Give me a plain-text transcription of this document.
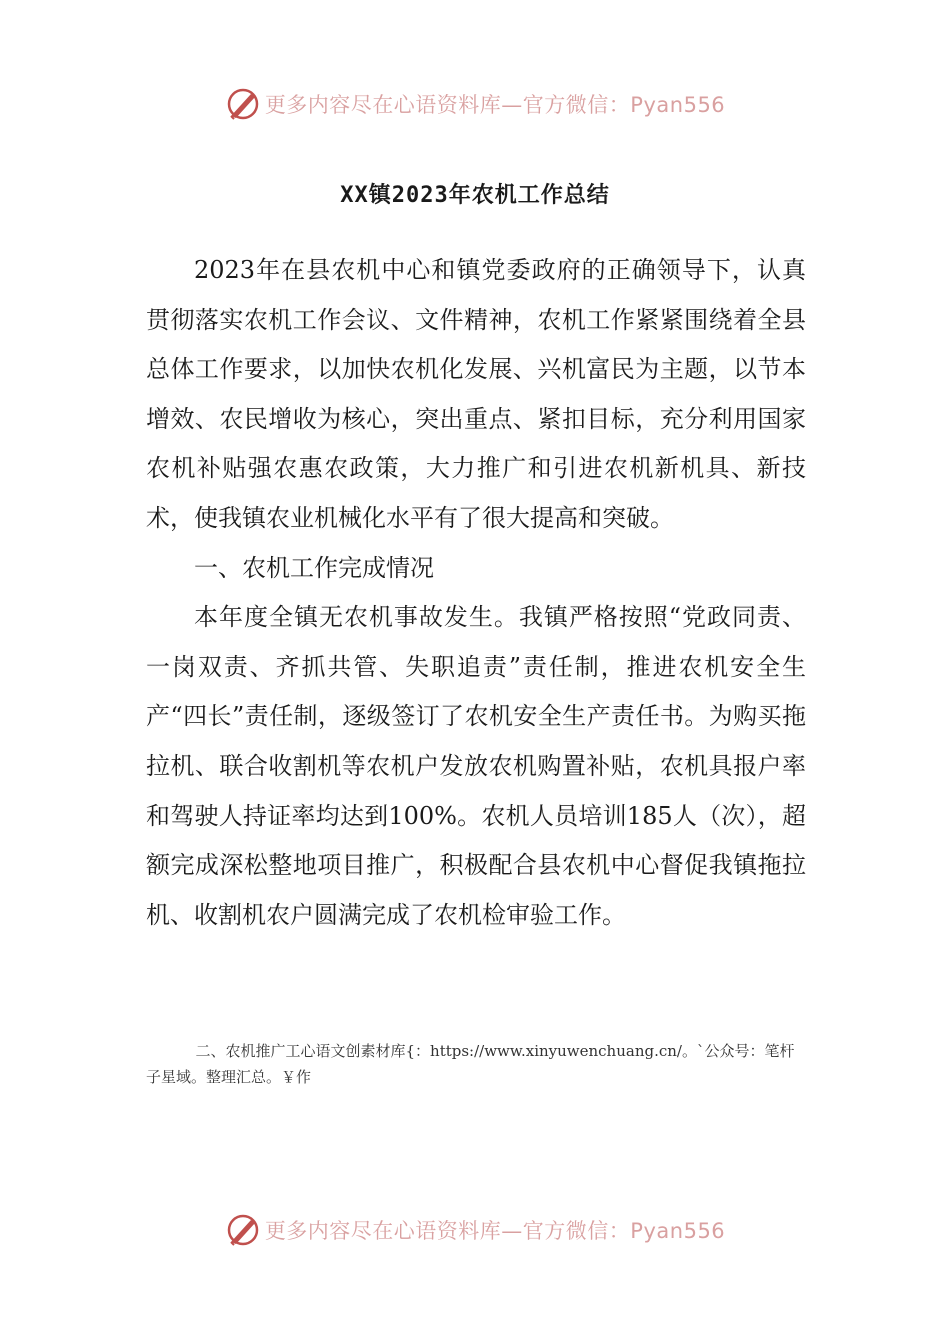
更多内容尽在心语资料库—官方微信：Pyan556
XX镇2023年农机工作总结

2023年在县农机中心和镇党委政府的正确领导下，认真贯彻落实农机工作会议、文件精神，农机工作紧紧围绕着全县总体工作要求，以加快农机化发展、兴机富民为主题，以节本增效、农民增收为核心，突出重点、紧扣目标，充分利用国家农机补贴强农惠农政策，大力推广和引进农机新机具、新技术，使我镇农业机械化水平有了很大提高和突破。

一、农机工作完成情况

本年度全镇无农机事故发生。我镇严格按照“党政同责、一岗双责、齐抓共管、失职追责”责任制，推进农机安全生产“四长”责任制，逐级签订了农机安全生产责任书。为购买拖拉机、联合收割机等农机户发放农机购置补贴，农机具报户率和驾驶人持证率均达到100%。农机人员培训185人（次），超额完成深松整地项目推广，积极配合县农机中心督促我镇拖拉机、收割机农户圆满完成了农机检审验工作。

二、农机推广工心语文创素材库{：https://www.xinyuwenchuang.cn/。`公众号：笔杆子星域。整理汇总。￥作

更多内容尽在心语资料库—官方微信：Pyan556
